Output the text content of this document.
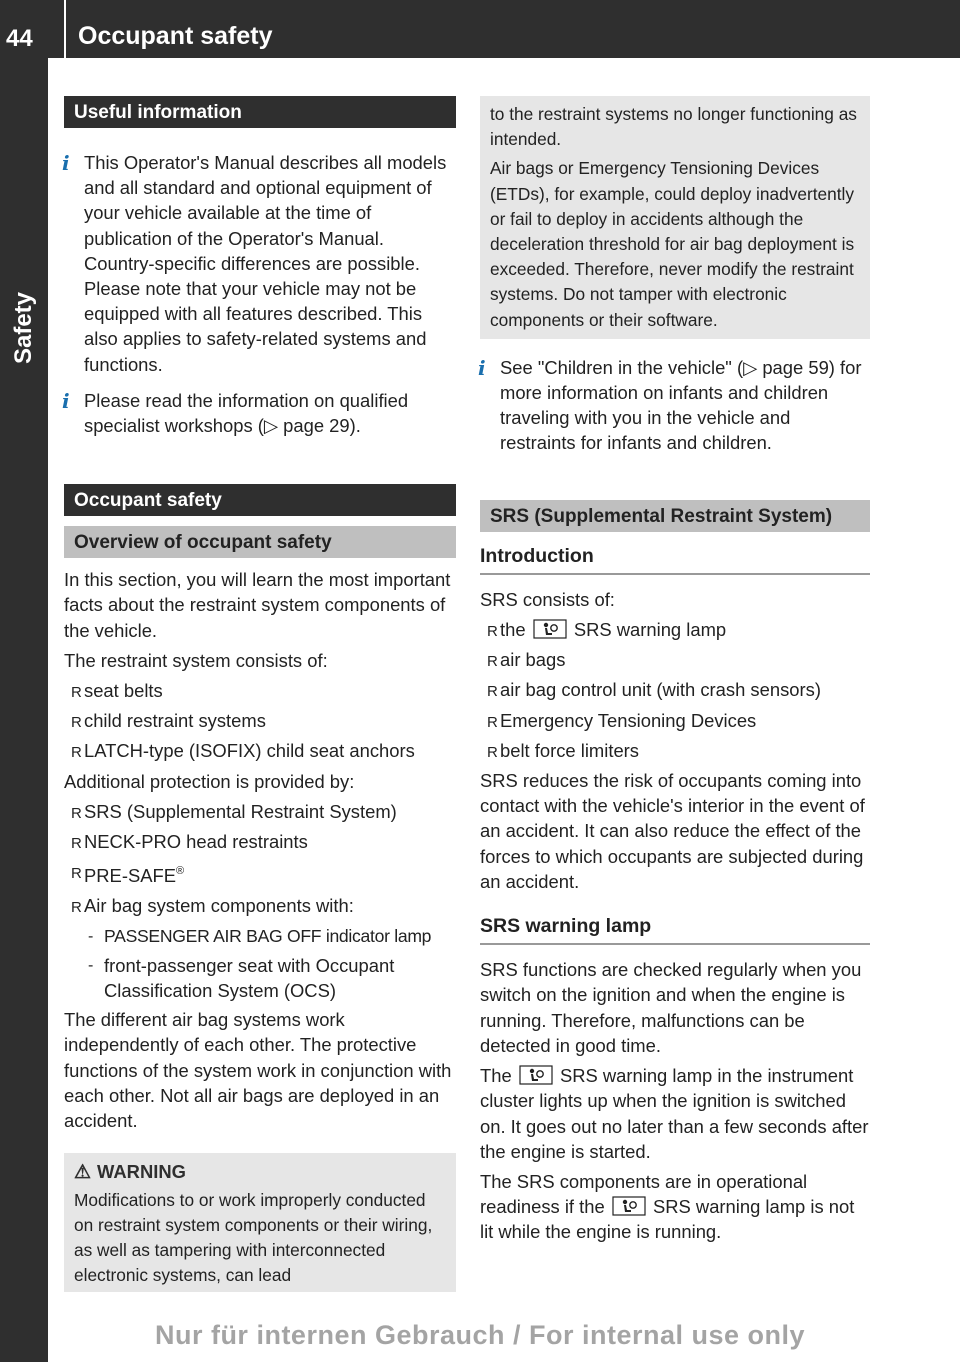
44	Occupant safety
Safety
Useful information

i This Operator's Manual describes all models and all standard and optional equipment of your vehicle available at the time of publication of the Operator's Manual. Country-specific differences are possible. Please note that your vehicle may not be equipped with all features described. This also applies to safety-related systems and functions.

i Please read the information on qualified specialist workshops (▷ page 29).

Occupant safety
Overview of occupant safety

In this section, you will learn the most important facts about the restraint system components of the vehicle.

The restraint system consists of:

R seat belts
R child restraint systems
R LATCH-type (ISOFIX) child seat anchors

Additional protection is provided by:

R SRS (Supplemental Restraint System)
R NECK-PRO head restraints
R PRE-SAFE®
R Air bag system components with:
- PASSENGER AIR BAG OFF indicator lamp
- front-passenger seat with Occupant Classification System (OCS)

The different air bag systems work independently of each other. The protective functions of the system work in conjunction with each other. Not all air bags are deployed in an accident.

⚠ WARNING
Modifications to or work improperly conducted on restraint system components or their wiring, as well as tampering with interconnected electronic systems, can lead

to the restraint systems no longer functioning as intended.

Air bags or Emergency Tensioning Devices (ETDs), for example, could deploy inadvertently or fail to deploy in accidents although the deceleration threshold for air bag deployment is exceeded. Therefore, never modify the restraint systems. Do not tamper with electronic components or their software.

i See "Children in the vehicle" (▷ page 59) for more information on infants and children traveling with you in the vehicle and restraints for infants and children.

SRS (Supplemental Restraint System)
Introduction

SRS consists of:

R the	SRS warning lamp
R air bags
R air bag control unit (with crash sensors)
R Emergency Tensioning Devices
R belt force limiters

SRS reduces the risk of occupants coming into contact with the vehicle's interior in the event of an accident. It can also reduce the effect of the forces to which occupants are subjected during an accident.

SRS warning lamp

SRS functions are checked regularly when you switch on the ignition and when the engine is running. Therefore, malfunctions can be detected in good time.

The	SRS warning lamp in the instrument cluster lights up when the ignition is switched on. It goes out no later than a few seconds after the engine is started.

The SRS components are in operational readiness if the	SRS warning lamp is not lit while the engine is running.

Nur für internen Gebrauch / For internal use only
